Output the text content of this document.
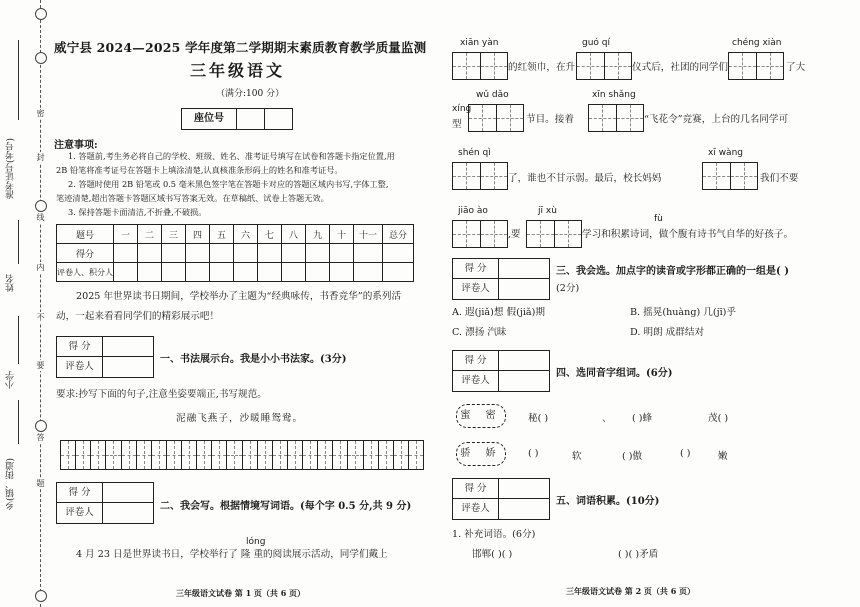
密
封
线
内
不
要
答
题
准考证号(考号)
姓名
小学
乡(镇、街道)
威宁县 2024—2025 学年度第二学期期末素质教育教学质量监测
三年级语文
（满分:100 分）
座位号
注意事项:
1. 答题前,考生务必将自己的学校、班级、姓名、准考证号填写在试卷和答题卡指定位置,用
2B 铅笔将准考证号在答题卡上填涂清楚,认真核准条形码上的姓名和准考证号。
2. 答题时使用 2B 铅笔或 0.5 毫米黑色签字笔在答题卡对应的答题区域内书写,字体工整,
笔迹清楚,超出答题卡答题区域书写答案无效。在草稿纸、试卷上答题无效。
3. 保持答题卡面清洁,不折叠,不破损。
题号	一	二	三	四	五	六	七	八	九	十	十一	总分
得分												
评卷人、积分人												
2025 年世界读书日期间，学校举办了主题为“经典咏传，书香竞华”的系列活
动，一起来看看同学们的精彩展示吧！
得 分
评卷人
一、书法展示台。我是小小书法家。(3分)
要求:抄写下面的句子,注意坐姿要端正,书写规范。
泥融飞燕子，沙暖睡鸳鸯。
得 分
评卷人
二、我会写。根据情境写词语。(每个字 0.5 分,共 9 分)
lóng
4 月 23 日是世界读书日，学校举行了 隆 重的阅读展示活动，同学们戴上
三年级语文试卷 第 1 页（共 6 页）
xiān yàn
的红领巾，在升
guó qí
仪式后，社团的同学们
chéng xiàn
了大
xíng
型
wǔ dǎo
节目。接着
xīn shǎng
“飞花令”竞赛，上台的几名同学可
shén qì
了，谁也不甘示弱。最后，校长妈妈
xī wàng
我们不要
jiāo ào
,要
jī xù
fù
学习和积累诗词，做个腹有诗书气自华的好孩子。
得 分
评卷人
三、我会选。加点字的读音或字形都正确的一组是( )
(2分)
A. 遐(jiǎ)想 假(jiǎ)期	B. 摇晃(huàng) 几(jī)乎
C. 漂扬 汽昧	D. 明朗 成群结对
得 分
评卷人
四、选同音字组词。(6分)
蜜 密	秘( )	、 ( )蜂	茂( )
骄 娇	( )	软	( )傲	( )	嫩
得 分
评卷人
五、词语积累。(10分)
1. 补充词语。(6分)
邯郸( )( )	( )( )矛盾
三年级语文试卷 第 2 页（共 6 页）
